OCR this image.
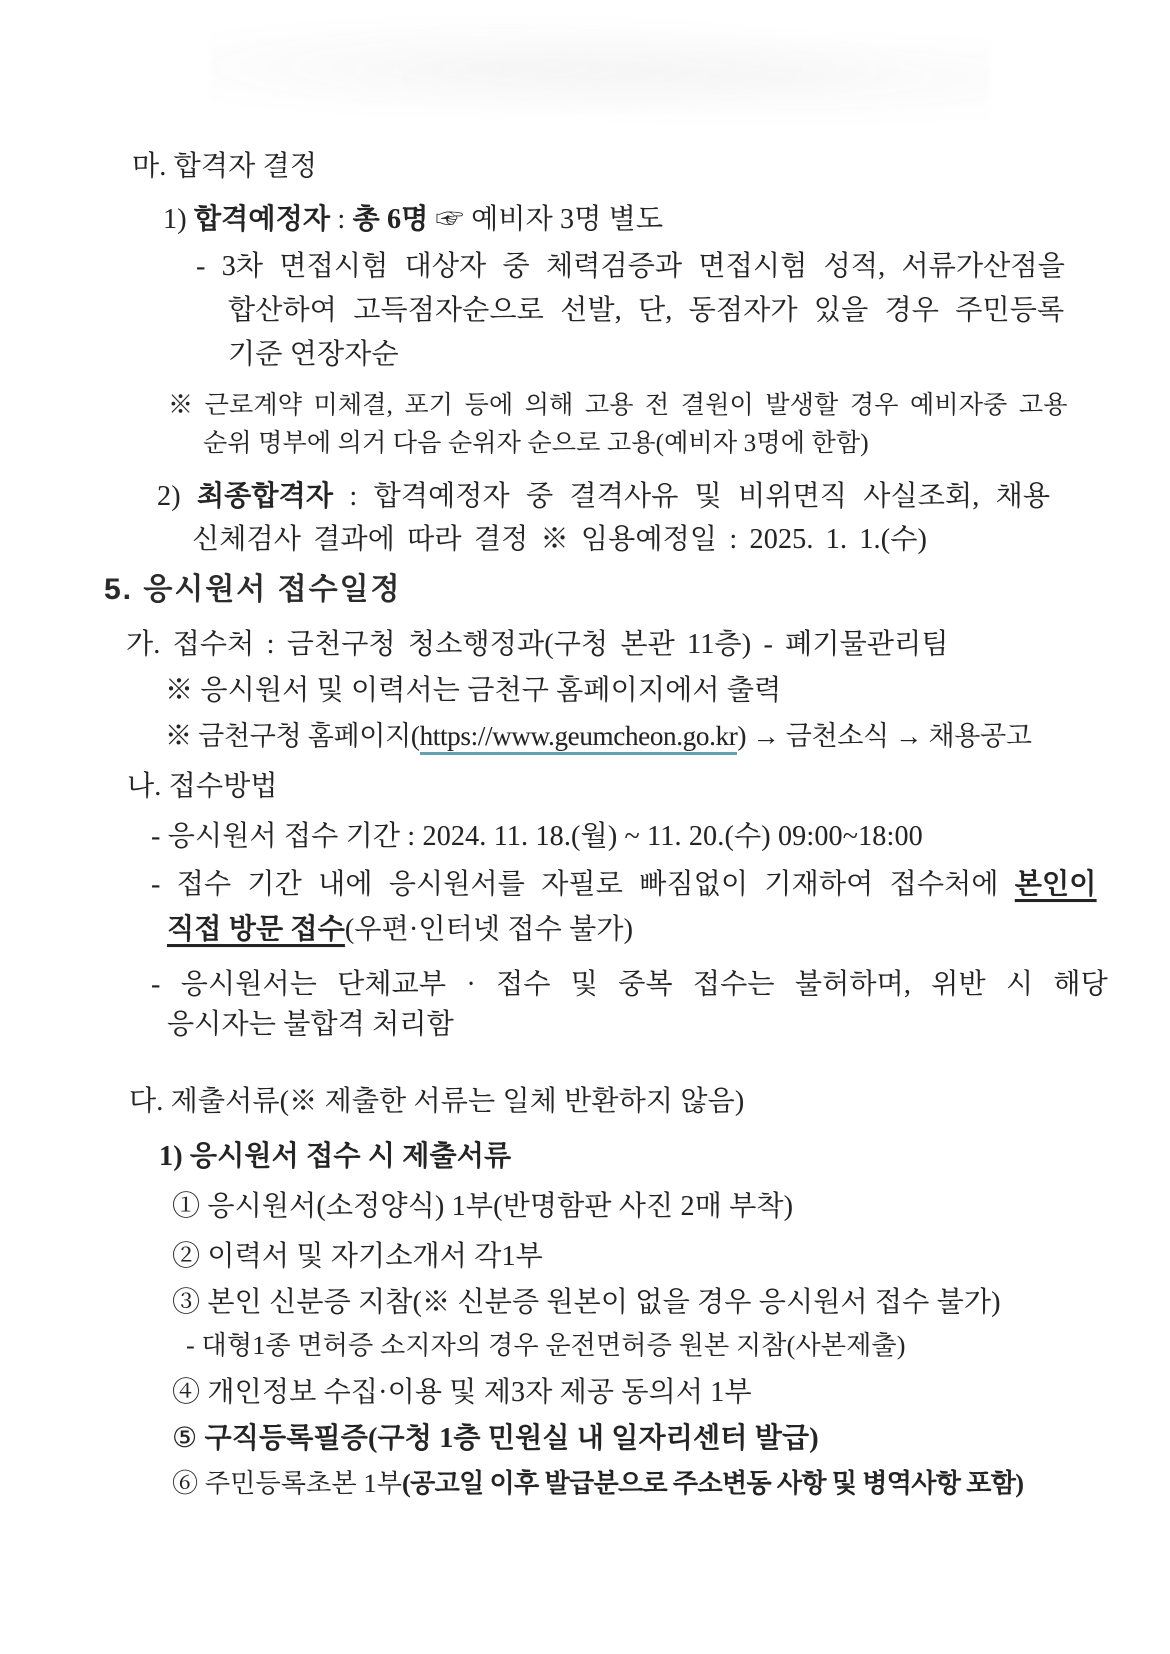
마. 합격자 결정
1) 합격예정자 : 총 6명 ☞ 예비자 3명 별도
- 3차 면접시험 대상자 중 체력검증과 면접시험 성적, 서류가산점을
합산하여 고득점자순으로 선발, 단, 동점자가 있을 경우 주민등록
기준 연장자순
※ 근로계약 미체결, 포기 등에 의해 고용 전 결원이 발생할 경우 예비자중 고용
순위 명부에 의거 다음 순위자 순으로 고용(예비자 3명에 한함)
2) 최종합격자 : 합격예정자 중 결격사유 및 비위면직 사실조회, 채용
신체검사 결과에 따라 결정 ※ 임용예정일 : 2025. 1. 1.(수)
5. 응시원서 접수일정
가. 접수처 : 금천구청 청소행정과(구청 본관 11층) - 폐기물관리팀
※ 응시원서 및 이력서는 금천구 홈페이지에서 출력
※ 금천구청 홈페이지(https://www.geumcheon.go.kr) → 금천소식 → 채용공고
나. 접수방법
- 응시원서 접수 기간 : 2024. 11. 18.(월) ~ 11. 20.(수) 09:00~18:00
- 접수 기간 내에 응시원서를 자필로 빠짐없이 기재하여 접수처에 본인이
직접 방문 접수(우편·인터넷 접수 불가)
- 응시원서는 단체교부 · 접수 및 중복 접수는 불허하며, 위반 시 해당
응시자는 불합격 처리함
다. 제출서류(※ 제출한 서류는 일체 반환하지 않음)
1) 응시원서 접수 시 제출서류
① 응시원서(소정양식) 1부(반명함판 사진 2매 부착)
② 이력서 및 자기소개서 각1부
③ 본인 신분증 지참(※ 신분증 원본이 없을 경우 응시원서 접수 불가)
- 대형1종 면허증 소지자의 경우 운전면허증 원본 지참(사본제출)
④ 개인정보 수집·이용 및 제3자 제공 동의서 1부
⑤ 구직등록필증(구청 1층 민원실 내 일자리센터 발급)
⑥ 주민등록초본 1부(공고일 이후 발급분으로 주소변동 사항 및 병역사항 포함)
